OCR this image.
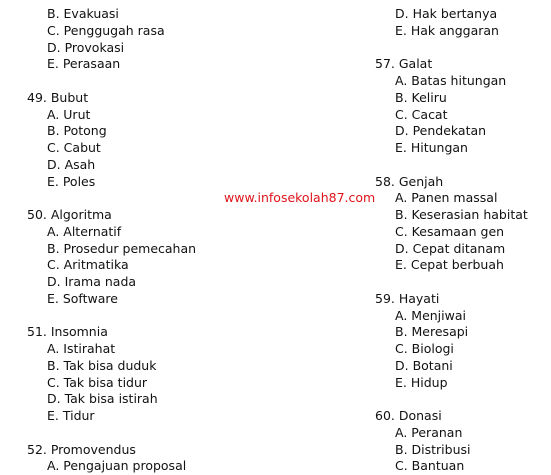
B. Evakuasi
C. Penggugah rasa
D. Provokasi
E. Perasaan
49. Bubut
A. Urut
B. Potong
C. Cabut
D. Asah
E. Poles
50. Algoritma
A. Alternatif
B. Prosedur pemecahan
C. Aritmatika
D. Irama nada
E. Software
51. Insomnia
A. Istirahat
B. Tak bisa duduk
C. Tak bisa tidur
D. Tak bisa istirah
E. Tidur
52. Promovendus
A. Pengajuan proposal
D. Hak bertanya
E. Hak anggaran
57. Galat
A. Batas hitungan
B. Keliru
C. Cacat
D. Pendekatan
E. Hitungan
58. Genjah
A. Panen massal
B. Keserasian habitat
C. Kesamaan gen
D. Cepat ditanam
E. Cepat berbuah
59. Hayati
A. Menjiwai
B. Meresapi
C. Biologi
D. Botani
E. Hidup
60. Donasi
A. Peranan
B. Distribusi
C. Bantuan
www.infosekolah87.com
